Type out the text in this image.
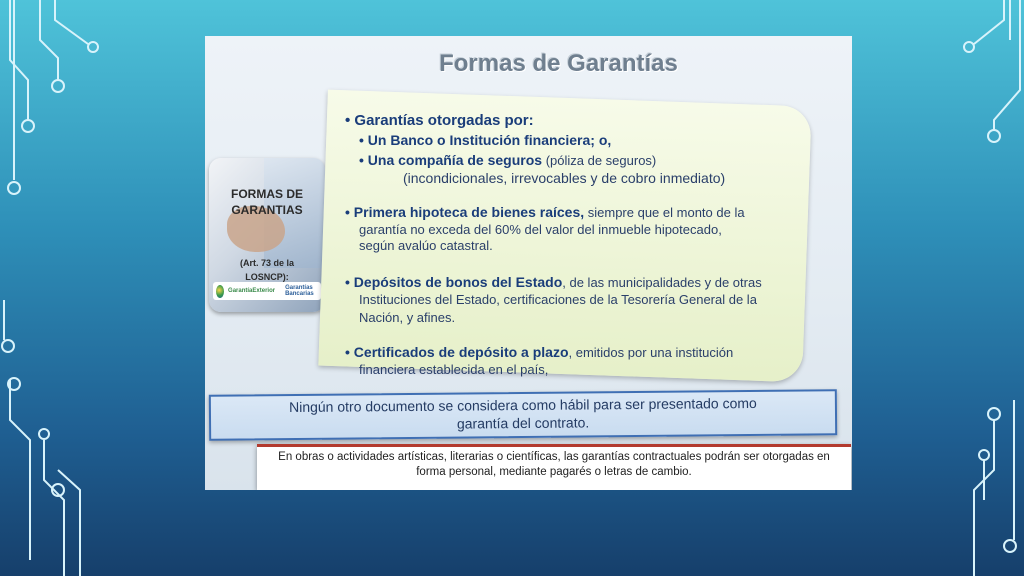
Formas de Garantías
FORMAS DE
GARANTIAS
(Art. 73 de la
LOSNCP):
GarantíaExterior Garantías Bancarias
• Garantías otorgadas por:
• Un Banco o Institución financiera; o,
• Una compañía de seguros (póliza de seguros)
(incondicionales, irrevocables y de cobro inmediato)
• Primera hipoteca de bienes raíces, siempre que el monto de la
garantía no exceda del 60% del valor del inmueble hipotecado,
según avalúo catastral.
• Depósitos de bonos del Estado, de las municipalidades y de otras
Instituciones del Estado, certificaciones de la Tesorería General de la
Nación, y afines.
• Certificados de depósito a plazo, emitidos por una institución
financiera establecida en el país,
Ningún otro documento se considera como hábil para ser presentado como
garantía del contrato.
En obras o actividades artísticas, literarias o científicas, las garantías contractuales podrán ser otorgadas en
forma personal, mediante pagarés o letras de cambio.
